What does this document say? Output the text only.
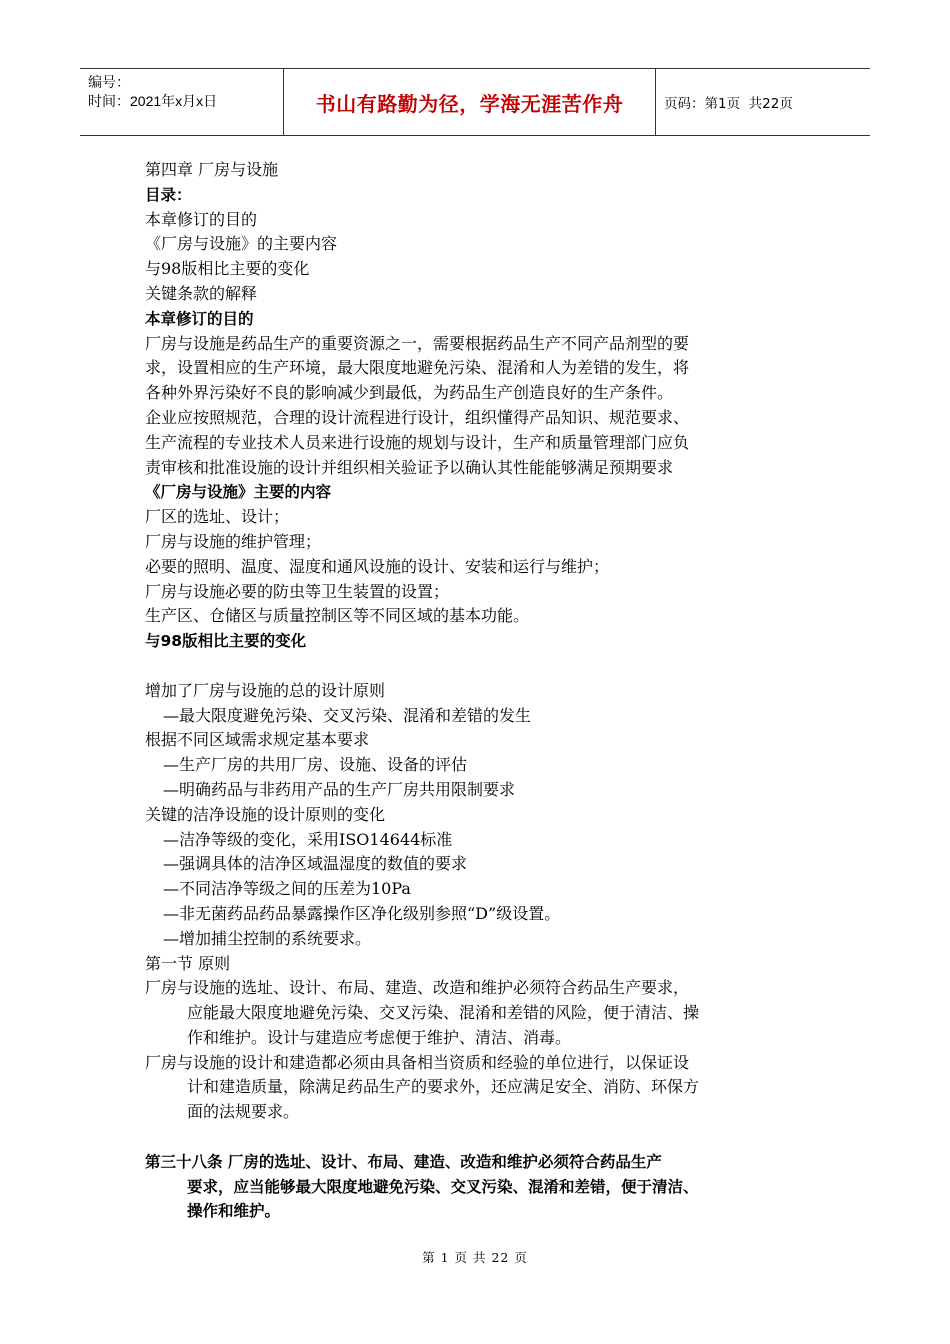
编号：
时间：2021年x月x日	书山有路勤为径，学海无涯苦作舟	页码：第1页  共22页
第四章 厂房与设施
目录：
本章修订的目的
《厂房与设施》的主要内容
与98版相比主要的变化
关键条款的解释
本章修订的目的
厂房与设施是药品生产的重要资源之一，需要根据药品生产不同产品剂型的要
求，设置相应的生产环境，最大限度地避免污染、混淆和人为差错的发生，将
各种外界污染好不良的影响减少到最低，为药品生产创造良好的生产条件。
企业应按照规范，合理的设计流程进行设计，组织懂得产品知识、规范要求、
生产流程的专业技术人员来进行设施的规划与设计，生产和质量管理部门应负
责审核和批准设施的设计并组织相关验证予以确认其性能能够满足预期要求
《厂房与设施》主要的内容
厂区的选址、设计；
厂房与设施的维护管理；
必要的照明、温度、湿度和通风设施的设计、安装和运行与维护；
厂房与设施必要的防虫等卫生装置的设置；
生产区、仓储区与质量控制区等不同区域的基本功能。
与98版相比主要的变化
增加了厂房与设施的总的设计原则
—最大限度避免污染、交叉污染、混淆和差错的发生
根据不同区域需求规定基本要求
—生产厂房的共用厂房、设施、设备的评估
—明确药品与非药用产品的生产厂房共用限制要求
关键的洁净设施的设计原则的变化
—洁净等级的变化，采用ISO14644标准
—强调具体的洁净区域温湿度的数值的要求
—不同洁净等级之间的压差为10Pa
—非无菌药品药品暴露操作区净化级别参照“D”级设置。
—增加捕尘控制的系统要求。
第一节 原则
厂房与设施的选址、设计、布局、建造、改造和维护必须符合药品生产要求，
应能最大限度地避免污染、交叉污染、混淆和差错的风险，便于清洁、操
作和维护。设计与建造应考虑便于维护、清洁、消毒。
厂房与设施的设计和建造都必须由具备相当资质和经验的单位进行，以保证设
计和建造质量，除满足药品生产的要求外，还应满足安全、消防、环保方
面的法规要求。
第三十八条 厂房的选址、设计、布局、建造、改造和维护必须符合药品生产
要求，应当能够最大限度地避免污染、交叉污染、混淆和差错，便于清洁、
操作和维护。
第 1 页 共 22 页
